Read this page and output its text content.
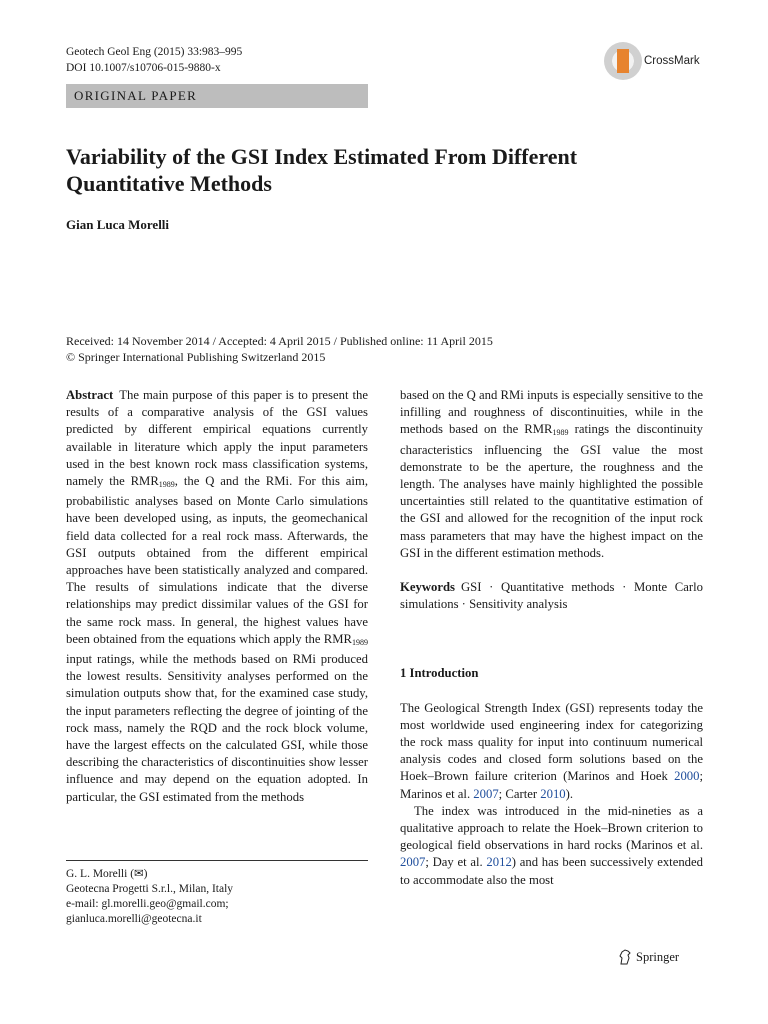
Geotech Geol Eng (2015) 33:983–995
DOI 10.1007/s10706-015-9880-x
CrossMark
ORIGINAL PAPER
Variability of the GSI Index Estimated From Different Quantitative Methods
Gian Luca Morelli
Received: 14 November 2014 / Accepted: 4 April 2015 / Published online: 11 April 2015
© Springer International Publishing Switzerland 2015

Abstract The main purpose of this paper is to present the results of a comparative analysis of the GSI values predicted by different empirical equations currently available in literature which apply the input parameters used in the best known rock mass classification systems, namely the $RMR_{1989}$, the Q and the RMi. For this aim, probabilistic analyses based on Monte Carlo simulations have been developed using, as inputs, the geomechanical field data collected for a real rock mass. Afterwards, the GSI outputs obtained from the different empirical approaches have been statistically analyzed and compared. The results of simulations indicate that the diverse relationships may predict dissimilar values of the GSI for the same rock mass. In general, the highest values have been obtained from the equations which apply the $RMR_{1989}$ input ratings, while the methods based on RMi produced the lowest results. Sensitivity analyses performed on the simulation outputs show that, for the examined case study, the input parameters reflecting the degree of jointing of the rock mass, namely the RQD and the rock block volume, have the largest effects on the calculated GSI, while those describing the characteristics of discontinuities show lesser influence and may depend on the equation adopted. In particular, the GSI estimated from the methods

based on the Q and RMi inputs is especially sensitive to the infilling and roughness of discontinuities, while in the methods based on the $RMR_{1989}$ ratings the discontinuity characteristics influencing the GSI value the most demonstrate to be the aperture, the roughness and the length. The analyses have mainly highlighted the possible uncertainties still related to the quantitative estimation of the GSI and allowed for the recognition of the input rock mass parameters that may have the highest impact on the GSI in the different estimation methods.

Keywords GSI · Quantitative methods · Monte Carlo simulations · Sensitivity analysis

1 Introduction

The Geological Strength Index (GSI) represents today the most worldwide used engineering index for categorizing the rock mass quality for input into continuum numerical analysis codes and closed form solutions based on the Hoek–Brown failure criterion (Marinos and Hoek 2000; Marinos et al. 2007; Carter 2010).

The index was introduced in the mid-nineties as a qualitative approach to relate the Hoek–Brown criterion to geological field observations in hard rocks (Marinos et al. 2007; Day et al. 2012) and has been successively extended to accommodate also the most

G. L. Morelli (✉)
Geotecna Progetti S.r.l., Milan, Italy
e-mail: gl.morelli.geo@gmail.com;
gianluca.morelli@geotecna.it
Springer
